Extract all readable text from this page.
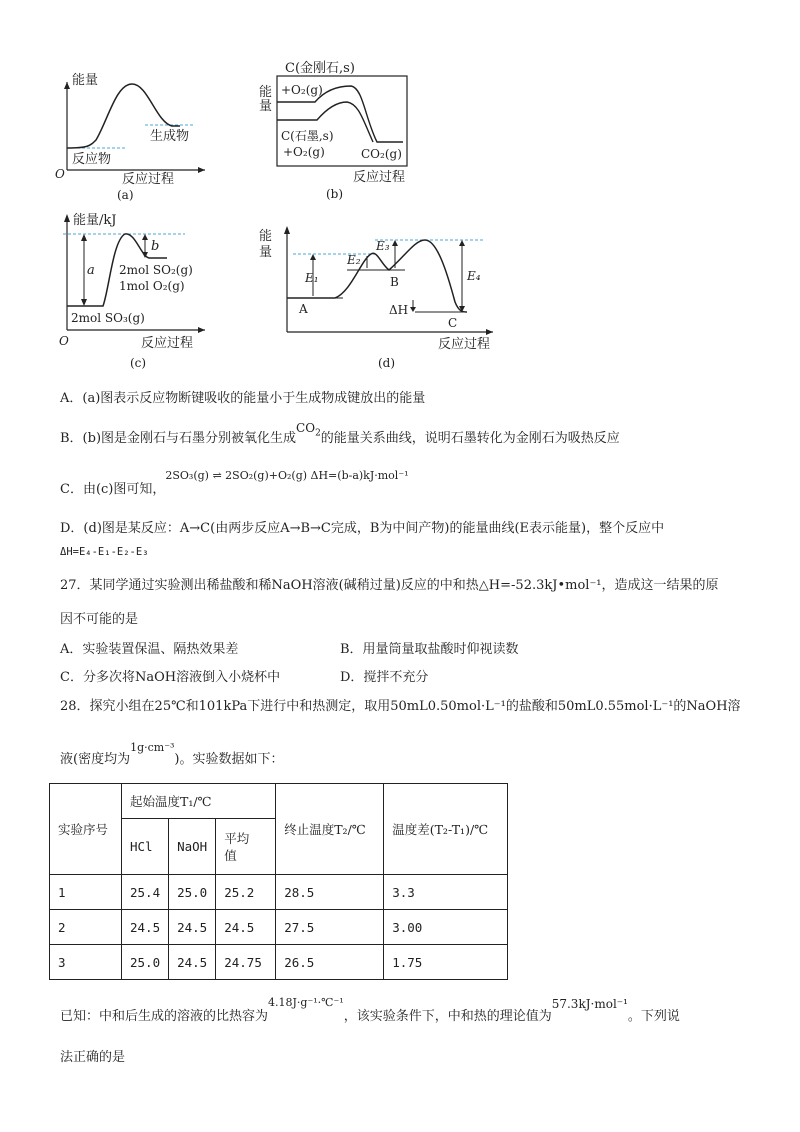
能量
生成物
反应物
O	反应过程
(a)
C(金刚石,s)
能
量
+O₂(g)
C(石墨,s)
+O₂(g)	CO₂(g)
反应过程
(b)
能量/kJ
a
b
2mol SO₂(g)
1mol O₂(g)
2mol SO₃(g)
O	反应过程
(c)
能
量
E₁
E₂
E₃
E₄
ΔH
A
B
C
反应过程
(d)
A．(a)图表示反应物断键吸收的能量小于生成物成键放出的能量
B．(b)图是金刚石与石墨分别被氧化生成$CO_2$的能量关系曲线，说明石墨转化为金刚石为吸热反应
C．由(c)图可知，$^{2SO_3(g) \rightleftharpoons 2SO_2(g)+O_2(g) \Delta H=(b-a)kJ\cdot mol^{-1}}$
D．(d)图是某反应：A→C(由两步反应A→B→C完成，B为中间产物)的能量曲线(E表示能量)，整个反应中
ΔH=E₄-E₁-E₂-E₃
27．某同学通过实验测出稀盐酸和稀NaOH溶液(碱稍过量)反应的中和热△H=-52.3kJ•mol⁻¹，造成这一结果的原
因不可能的是
A．实验装置保温、隔热效果差	B．用量筒量取盐酸时仰视读数
C．分多次将NaOH溶液倒入小烧杯中	D．搅拌不充分
28．探究小组在25℃和101kPa下进行中和热测定，取用50mL0.50mol·L⁻¹的盐酸和50mL0.55mol·L⁻¹的NaOH溶
液(密度均为$^{1g\cdot cm^{-3}}$)。实验数据如下：
实验序号	起始温度T₁/℃			终止温度T₂/℃	温度差(T₂-T₁)/℃
	HCl	NaOH	平均
值		

1	25.4	25.0	25.2	28.5	3.3
2	24.5	24.5	24.5	27.5	3.00
3	25.0	24.5	24.75	26.5	1.75
已知：中和后生成的溶液的比热容为$^{4.18J\cdot g^{-1}\cdot℃^{-1}}$，该实验条件下，中和热的理论值为57.3kJ·mol⁻¹。下列说
法正确的是
